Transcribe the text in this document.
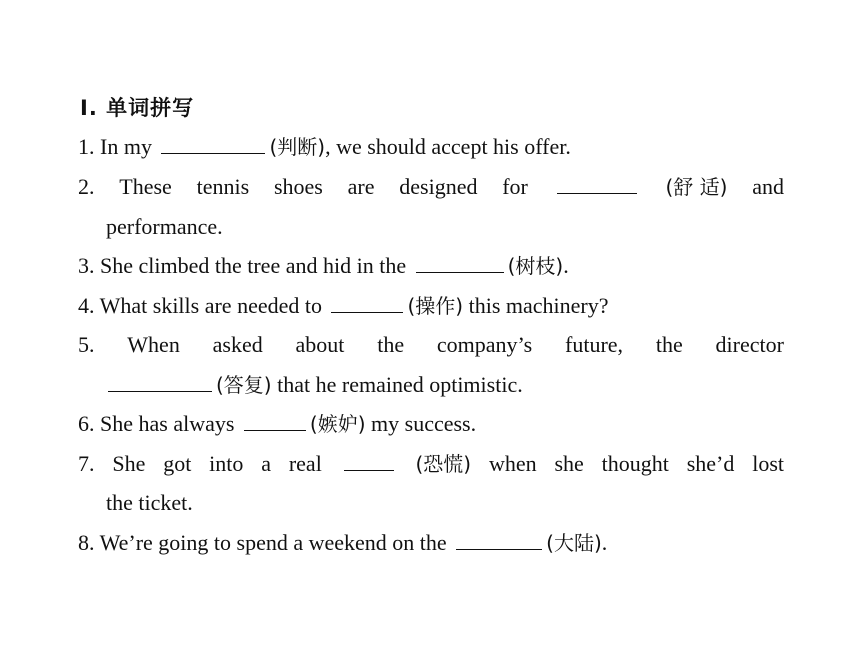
Ⅰ. 单词拼写
1. In my	(判断), we should accept his offer.
2. These tennis shoes are designed for	(舒 适) and
performance.
3. She climbed the tree and hid in the	(树枝).
4. What skills are needed to	(操作) this machinery?
5. When asked about the company’s future, the director
(答复) that he remained optimistic.
6. She has always	(嫉妒) my success.
7. She got into a real	(恐慌) when she thought she’d lost
the ticket.
8. We’re going to spend a weekend on the	(大陆).
